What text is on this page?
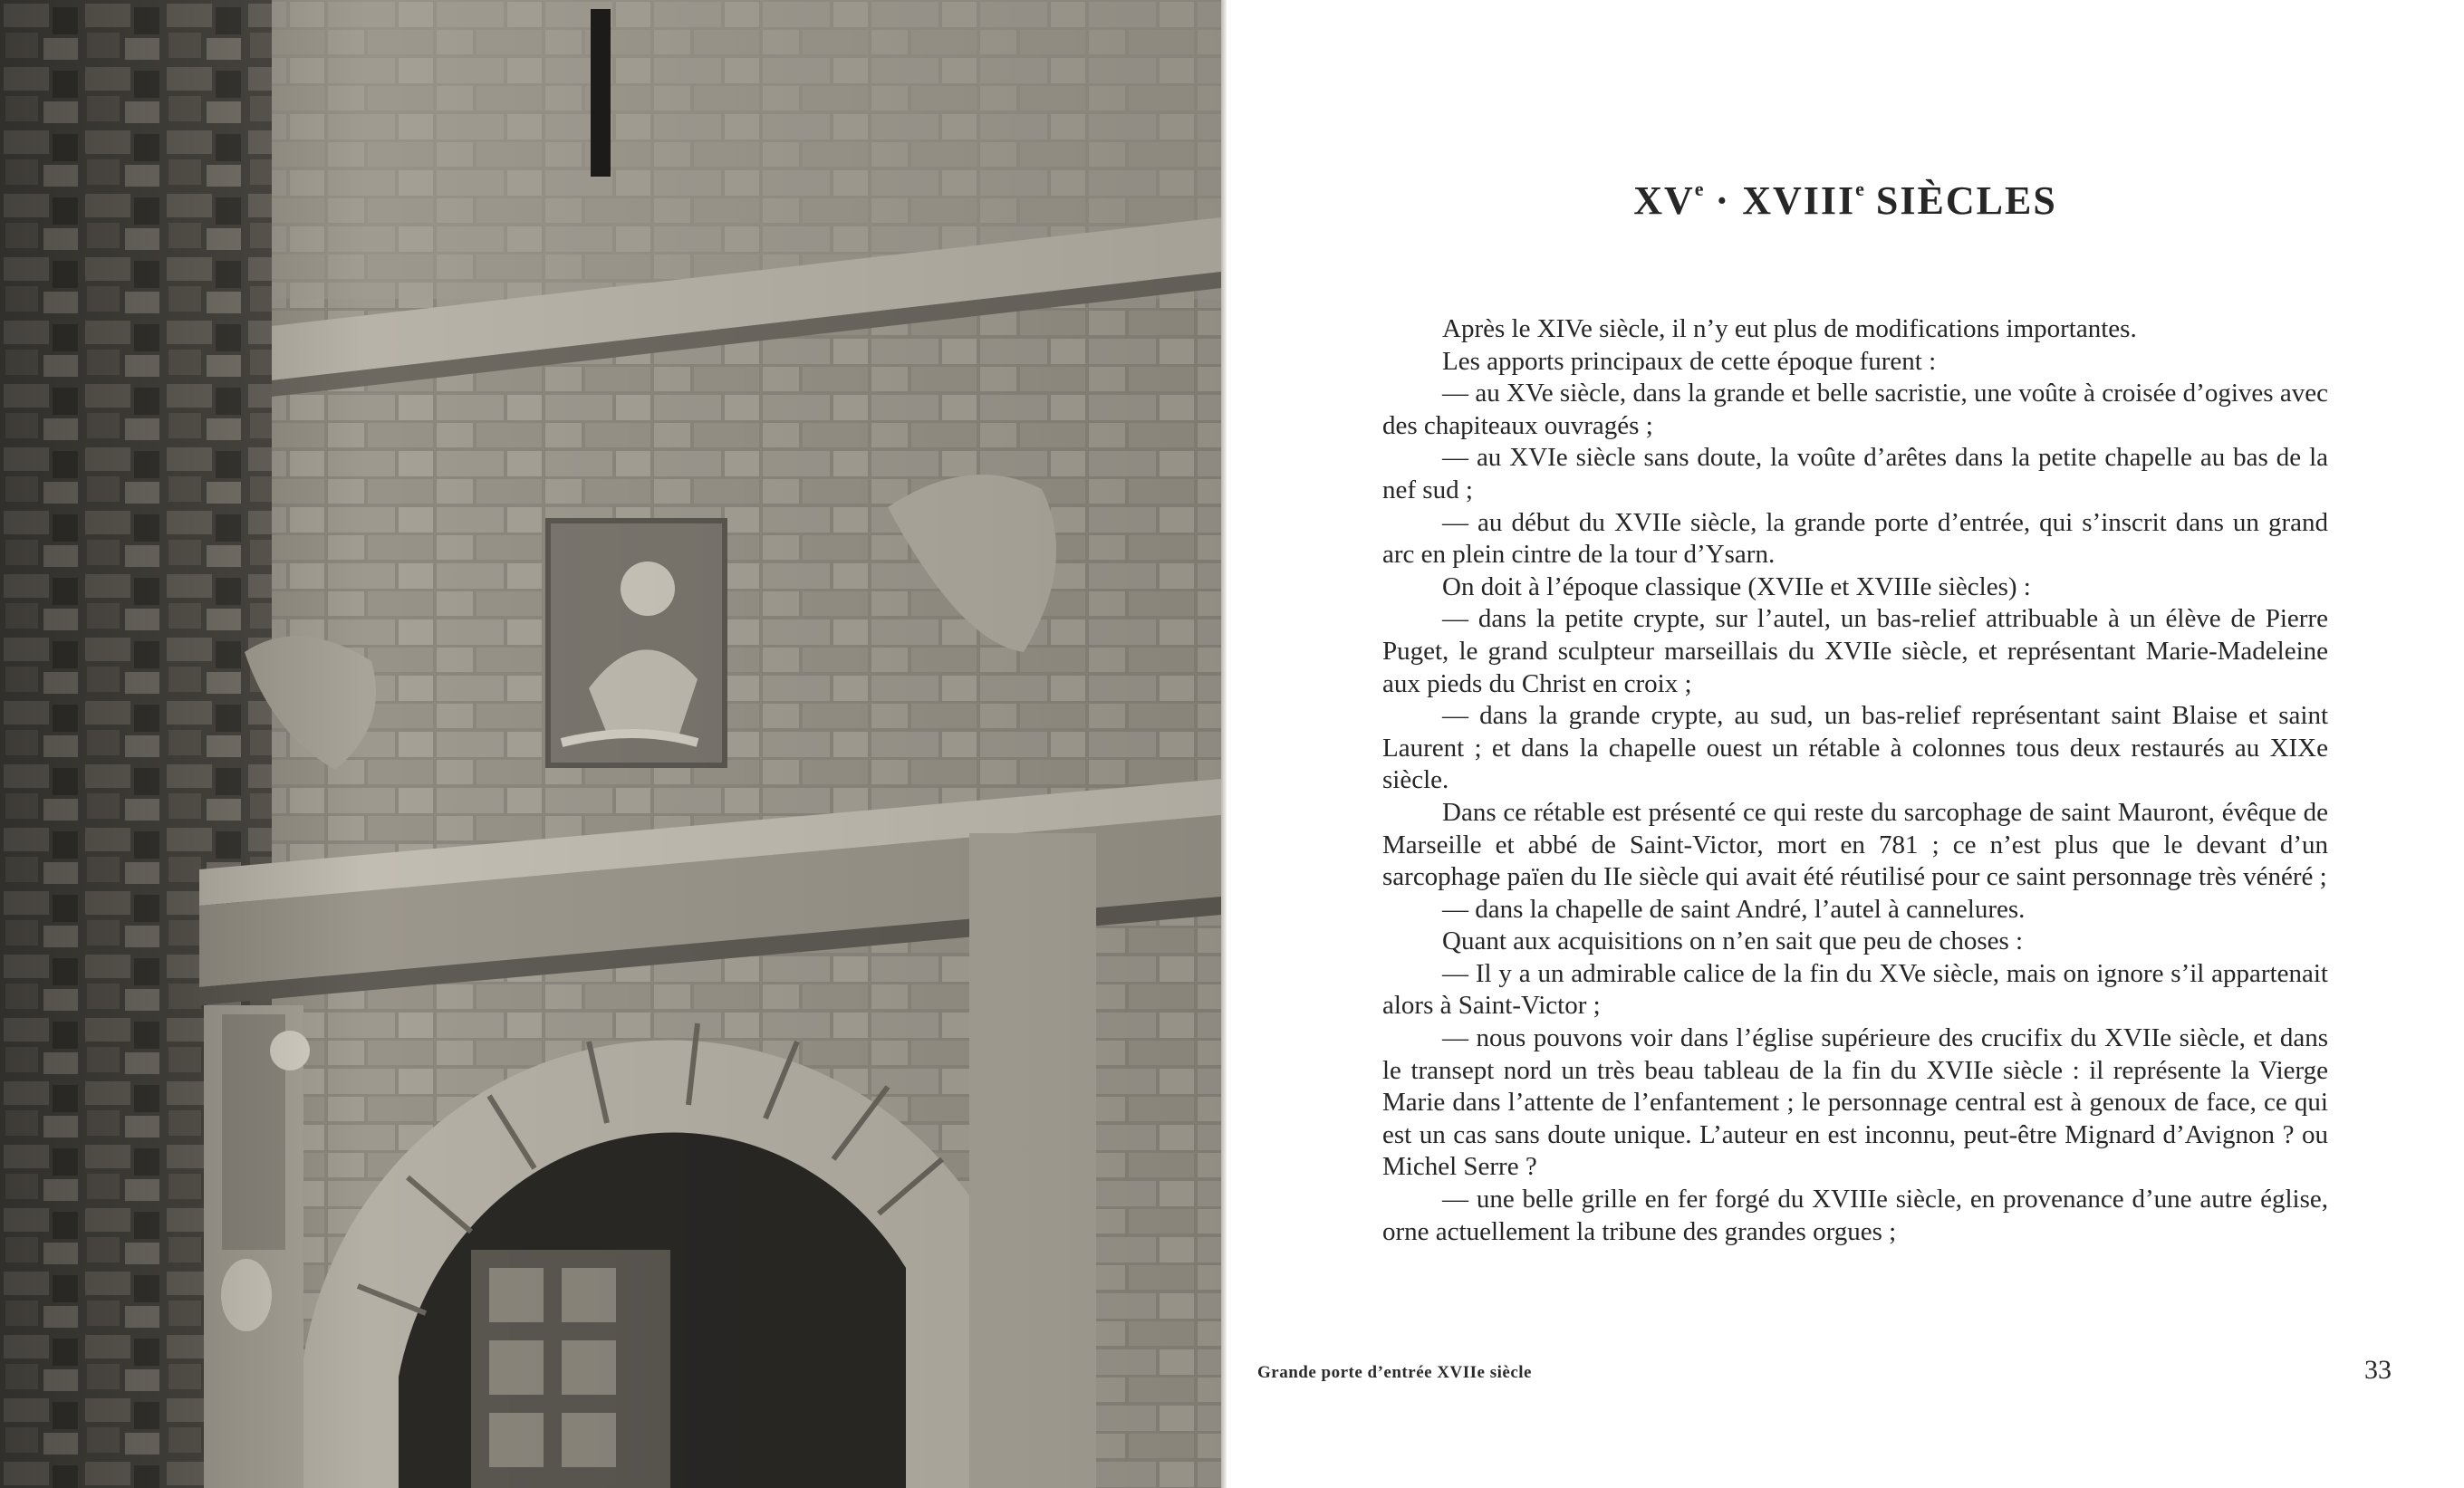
$XV^e$ · $XVIII^e$ SIÈCLES

Après le XIVe siècle, il n’y eut plus de modifications importantes.

Les apports principaux de cette époque furent :

— au XVe siècle, dans la grande et belle sacristie, une voûte à croisée d’ogives avec des chapiteaux ouvragés ;

— au XVIe siècle sans doute, la voûte d’arêtes dans la petite chapelle au bas de la nef sud ;

— au début du XVIIe siècle, la grande porte d’entrée, qui s’inscrit dans un grand arc en plein cintre de la tour d’Ysarn.

On doit à l’époque classique (XVIIe et XVIIIe siècles) :

— dans la petite crypte, sur l’autel, un bas-relief attribuable à un élève de Pierre Puget, le grand sculpteur marseillais du XVIIe siècle, et représentant Marie-Madeleine aux pieds du Christ en croix ;

— dans la grande crypte, au sud, un bas-relief représentant saint Blaise et saint Laurent ; et dans la chapelle ouest un rétable à colonnes tous deux restaurés au XIXe siècle.

Dans ce rétable est présenté ce qui reste du sarcophage de saint Mauront, évêque de Marseille et abbé de Saint-Victor, mort en 781 ; ce n’est plus que le devant d’un sarcophage païen du IIe siècle qui avait été réutilisé pour ce saint personnage très vénéré ;

— dans la chapelle de saint André, l’autel à cannelures.

Quant aux acquisitions on n’en sait que peu de choses :

— Il y a un admirable calice de la fin du XVe siècle, mais on ignore s’il appartenait alors à Saint-Victor ;

— nous pouvons voir dans l’église supérieure des crucifix du XVIIe siècle, et dans le transept nord un très beau tableau de la fin du XVIIe siècle : il représente la Vierge Marie dans l’attente de l’enfantement ; le personnage central est à genoux de face, ce qui est un cas sans doute unique. L’auteur en est inconnu, peut-être Mignard d’Avignon ? ou Michel Serre ?

— une belle grille en fer forgé du XVIIIe siècle, en provenance d’une autre église, orne actuellement la tribune des grandes orgues ;

Grande porte d’entrée XVIIe siècle	33
